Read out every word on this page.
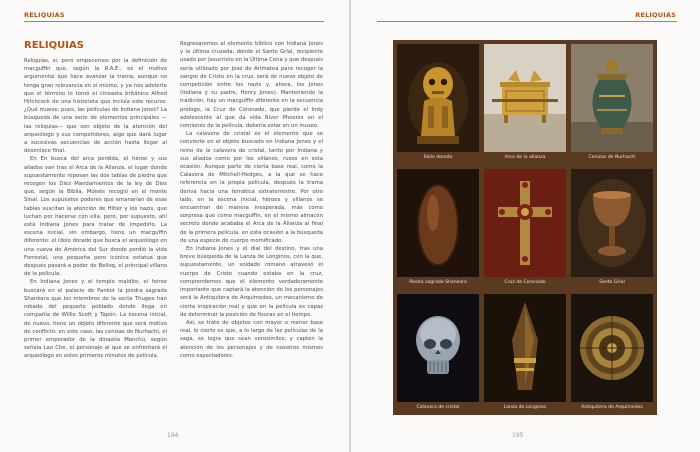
RELIQUIAS
RELIQUIAS

Reliquias, si, pero empecemos por la definición de macguffin que, según la R.A.E., es el motivo argumental que hace avanzar la trama, aunque no tenga gran relevancia en sí mismo, y ya nos advierte que el término lo tomó el cineasta británico Alfred Hitchcock de una historieta que incluía este recurso. ¿Qué mueve, pues, las películas de Indiana Jones? La búsqueda de una serie de elementos principales —las reliquias— que son objeto de la atención del arqueólogo y sus competidores, algo que dará lugar a sucesivas secuencias de acción hasta llegar al desenlace final.

En En busca del arca perdida, el héroe y sus aliados van tras el Arca de la Alianza, el lugar donde supuestamente reposan las dos tablas de piedra que recogen los Diez Mandamientos de la ley de Dios que, según la Biblia, Moisés recogió en el monte Sinaí. Los supuestos poderes que emanarían de esas tablas suscitan la atención de Hitler y los nazis, que luchan por hacerse con ella, pero, por supuesto, ahí está Indiana Jones para tratar de impedirlo. La escena inicial, sin embargo, tiene un macguffin diferente: el ídolo dorado que busca el arqueólogo en una cueva de América del Sur donde perdió la vida Forrestal, una pequeña pero icónica estatua que después pasará a poder de Belloq, el principal villano de la película.

En Indiana Jones y el templo maldito, el héroe buscará en el palacio de Pankot la piedra sagrada Shankara que los miembros de la secta Thugee han robado del pequeño poblado donde llega en compañía de Willie Scott y Tapón. La escena inicial, de nuevo, tiene un objeto diferente que será motivo de conflicto: en este caso, las cenizas de Nurhachi, el primer emperador de la dinastía Manchú, según señala Lao Che, el personaje al que se enfrentará el arqueólogo en estos primeros minutos de película.

Regresaremos al elemento bíblico con Indiana Jones y la última cruzada, donde el Santo Grial, recipiente usado por Jesucristo en la Última Cena y que después sería utilizado por José de Arimatea para recoger la sangre de Cristo en la cruz, será de nuevo objeto de competición entre los nazis y, ahora, los Jones (Indiana y su padre, Henry Jones). Manteniendo la tradición, hay un macguffin diferente en la secuencia prólogo, la Cruz de Coronado, que pierde el Indy adolescente al que da vida River Phoenix en el comienzo de la película, debería estar en un museo.

La calavera de cristal es el elemento que se convierte en el objeto buscado en Indiana Jones y el reino de la calavera de cristal, tanto por Indiana y sus aliados como por los villanos, rusos en esta ocasión. Aunque parte de cierta base real, como la Calavera de Mitchell-Hedges, a la que se hace referencia en la propia película, después la trama deriva hacia una temática extraterrestre. Por otro lado, en la escena inicial, héroes y villanos se encuentran de manera inesperada, más como sorpresa que como macguffin, en el mismo almacén secreto donde acababa el Arca de la Alianza al final de la primera película, en esta ocasión a la búsqueda de una especie de cuerpo momificado.

En Indiana Jones y el dial del destino, tras una breve búsqueda de la Lanza de Longinos, con la que, supuestamente, un soldado romano atravesó el cuerpo de Cristo cuando estaba en la cruz, comprendemos que el elemento verdaderamente importante que captará la atención de los personajes será la Antiquitera de Arquímedes, un mecanismo de cierta inspiración real y que en la película es capaz de determinar la posición de fisuras en el tiempo.

Así, se trate de objetos con mayor o menor base real, lo cierto es que, a lo largo de las películas de la saga, se logra que sean verosímiles, y capten la atención de los personajes y de nosotros mismos como espectadores.

194
RELIQUIAS
Ídolo dorado	Arca de la alianza	Cenizas de Nurhachi
Piedra sagrada Shankara	Cruz de Coronado	Santo Grial
Calavera de cristal	Lanza de Longinos	Antiquitera de Arquímedes
195
